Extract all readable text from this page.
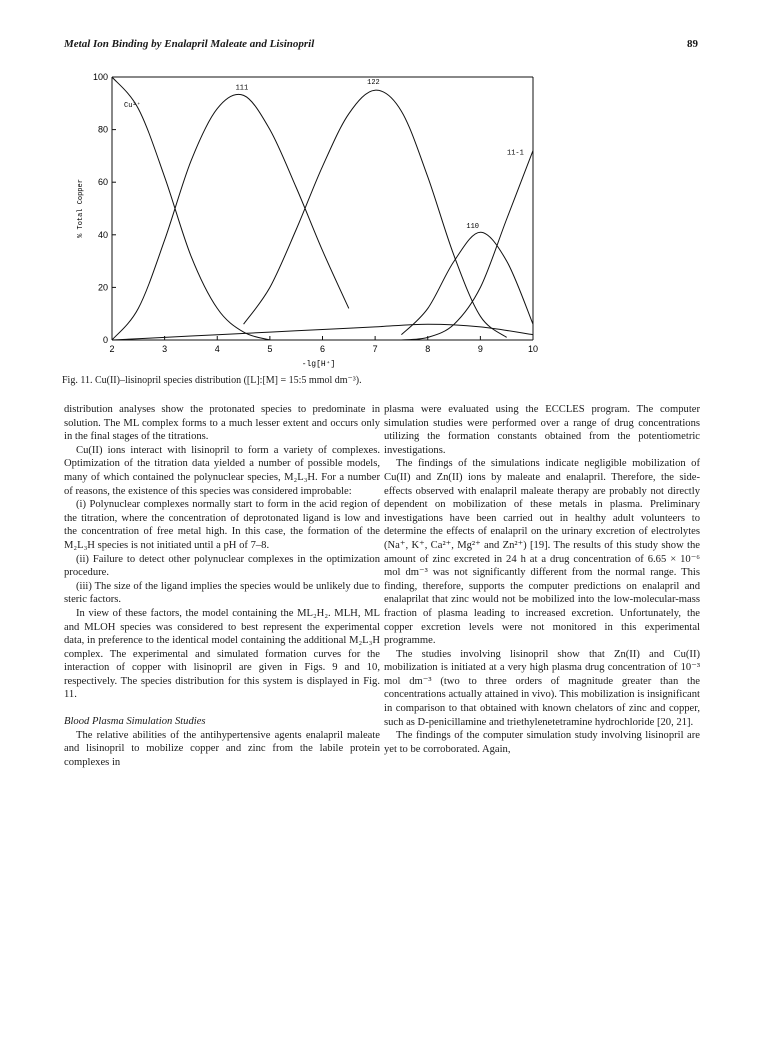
Metal Ion Binding by Enalapril Maleate and Lisinopril	89
2	3	4	5	6	7	8	9	10
0
20
40
60
80
100
-lg[H⁺]
% Total Copper
Cu²⁺
111
122
110
11-1
Fig. 11. Cu(II)–lisinopril species distribution ([L]:[M] = 15:5 mmol dm⁻³).

distribution analyses show the protonated species to predominate in solution. The ML complex forms to a much lesser extent and occurs only in the final stages of the titrations.

Cu(II) ions interact with lisinopril to form a variety of complexes. Optimization of the titration data yielded a number of possible models, many of which contained the polynuclear species, M₂L₃H. For a number of reasons, the existence of this species was considered improbable:

(i) Polynuclear complexes normally start to form in the acid region of the titration, where the concentration of deprotonated ligand is low and the concentration of free metal high. In this case, the formation of the M₂L₃H species is not initiated until a pH of 7–8.

(ii) Failure to detect other polynuclear complexes in the optimization procedure.

(iii) The size of the ligand implies the species would be unlikely due to steric factors.

In view of these factors, the model containing the ML₂H₂. MLH, ML and MLOH species was considered to best represent the experimental data, in preference to the identical model containing the additional M₂L₃H complex. The experimental and simulated formation curves for the interaction of copper with lisinopril are given in Figs. 9 and 10, respectively. The species distribution for this system is displayed in Fig. 11.

Blood Plasma Simulation Studies

The relative abilities of the antihypertensive agents enalapril maleate and lisinopril to mobilize copper and zinc from the labile protein complexes in

plasma were evaluated using the ECCLES program. The computer simulation studies were performed over a range of drug concentrations utilizing the formation constants obtained from the potentiometric investigations.

The findings of the simulations indicate negligible mobilization of Cu(II) and Zn(II) ions by maleate and enalapril. Therefore, the side-effects observed with enalapril maleate therapy are probably not directly dependent on mobilization of these metals in plasma. Preliminary investigations have been carried out in healthy adult volunteers to determine the effects of enalapril on the urinary excretion of electrolytes (Na⁺, K⁺, Ca²⁺, Mg²⁺ and Zn²⁺) [19]. The results of this study show the amount of zinc excreted in 24 h at a drug concentration of 6.65 × 10⁻⁶ mol dm⁻³ was not significantly different from the normal range. This finding, therefore, supports the computer predictions on enalapril and enalaprilat that zinc would not be mobilized into the low-molecular-mass fraction of plasma leading to increased excretion. Unfortunately, the copper excretion levels were not monitored in this experimental programme.

The studies involving lisinopril show that Zn(II) and Cu(II) mobilization is initiated at a very high plasma drug concentration of 10⁻³ mol dm⁻³ (two to three orders of magnitude greater than the concentrations actually attained in vivo). This mobilization is insignificant in comparison to that obtained with known chelators of zinc and copper, such as D-penicillamine and triethylenetetramine hydrochloride [20, 21].

The findings of the computer simulation study involving lisinopril are yet to be corroborated. Again,
